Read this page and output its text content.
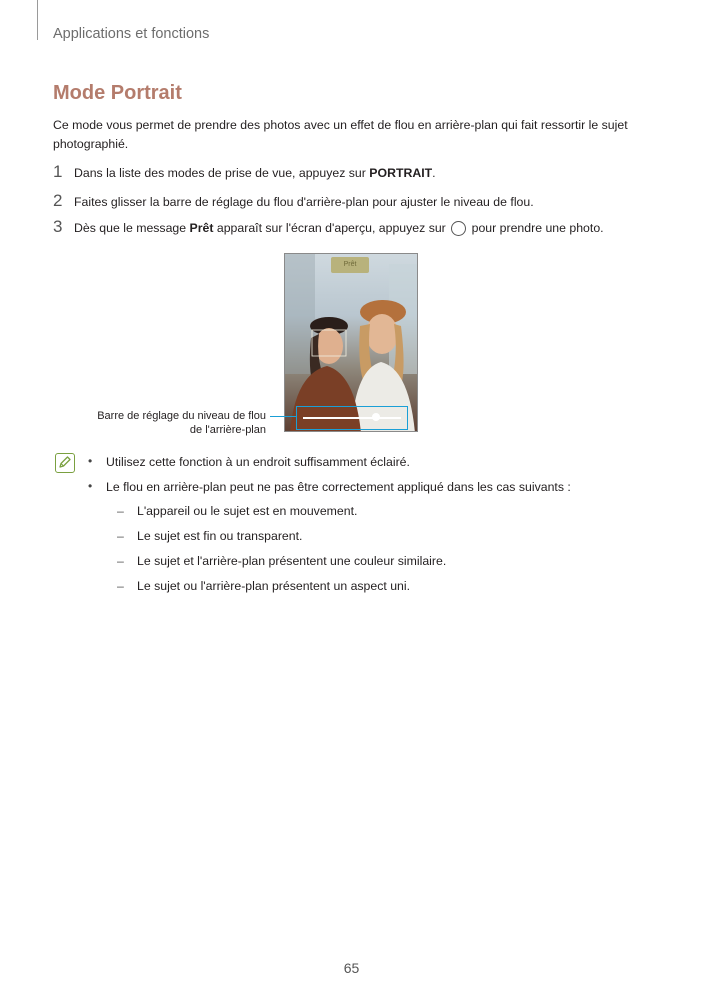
Applications et fonctions
Mode Portrait
Ce mode vous permet de prendre des photos avec un effet de flou en arrière-plan qui fait ressortir le sujet photographié.
1 Dans la liste des modes de prise de vue, appuyez sur PORTRAIT.
2 Faites glisser la barre de réglage du flou d'arrière-plan pour ajuster le niveau de flou.
3 Dès que le message Prêt apparaît sur l'écran d'aperçu, appuyez sur  pour prendre une photo.
Prêt
Barre de réglage du niveau de flou
de l'arrière-plan
• Utilisez cette fonction à un endroit suffisamment éclairé.
• Le flou en arrière-plan peut ne pas être correctement appliqué dans les cas suivants :
– L'appareil ou le sujet est en mouvement.
– Le sujet est fin ou transparent.
– Le sujet et l'arrière-plan présentent une couleur similaire.
– Le sujet ou l'arrière-plan présentent un aspect uni.
65
